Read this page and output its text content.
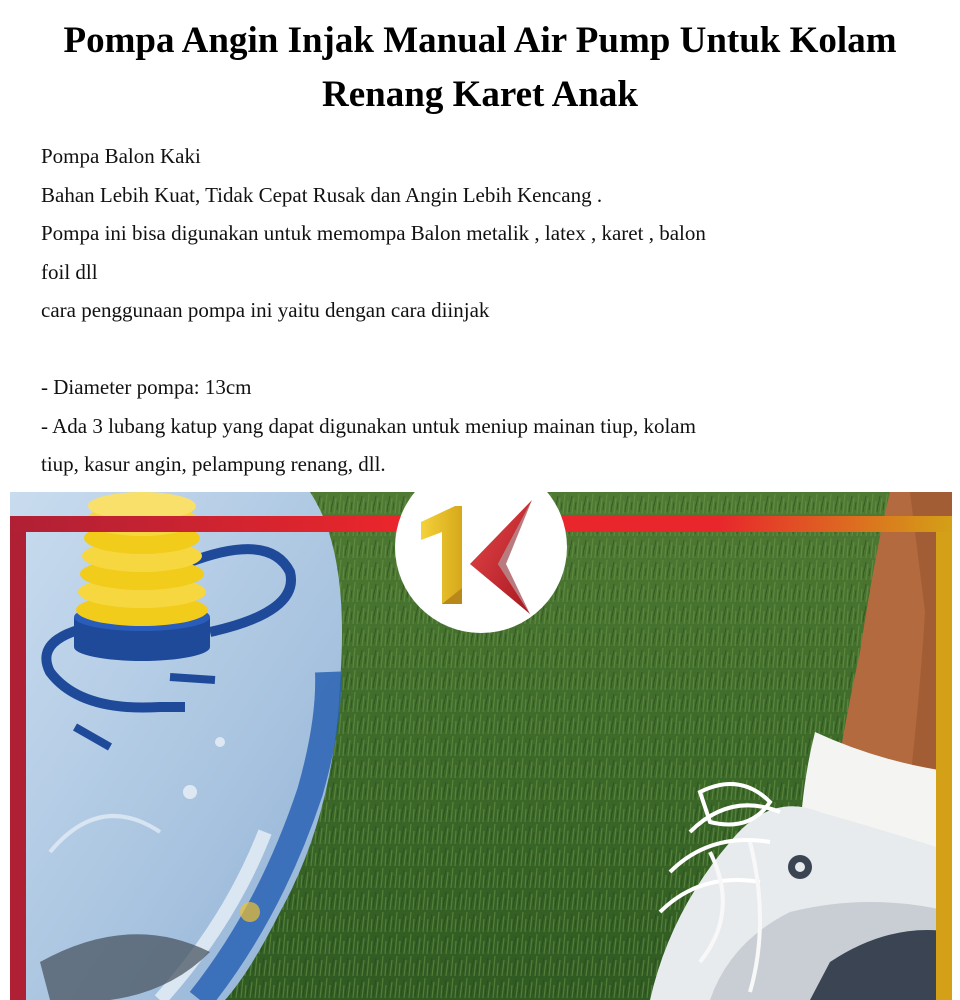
Pompa Angin Injak Manual Air Pump Untuk Kolam Renang Karet Anak
Pompa Balon Kaki
Bahan Lebih Kuat, Tidak Cepat Rusak dan Angin Lebih Kencang .
Pompa ini bisa digunakan untuk memompa Balon metalik , latex , karet , balon
foil dll
cara penggunaan pompa ini yaitu dengan cara diinjak
- Diameter pompa: 13cm
- Ada 3 lubang katup yang dapat digunakan untuk meniup mainan tiup, kolam
tiup, kasur angin, pelampung renang, dll.
